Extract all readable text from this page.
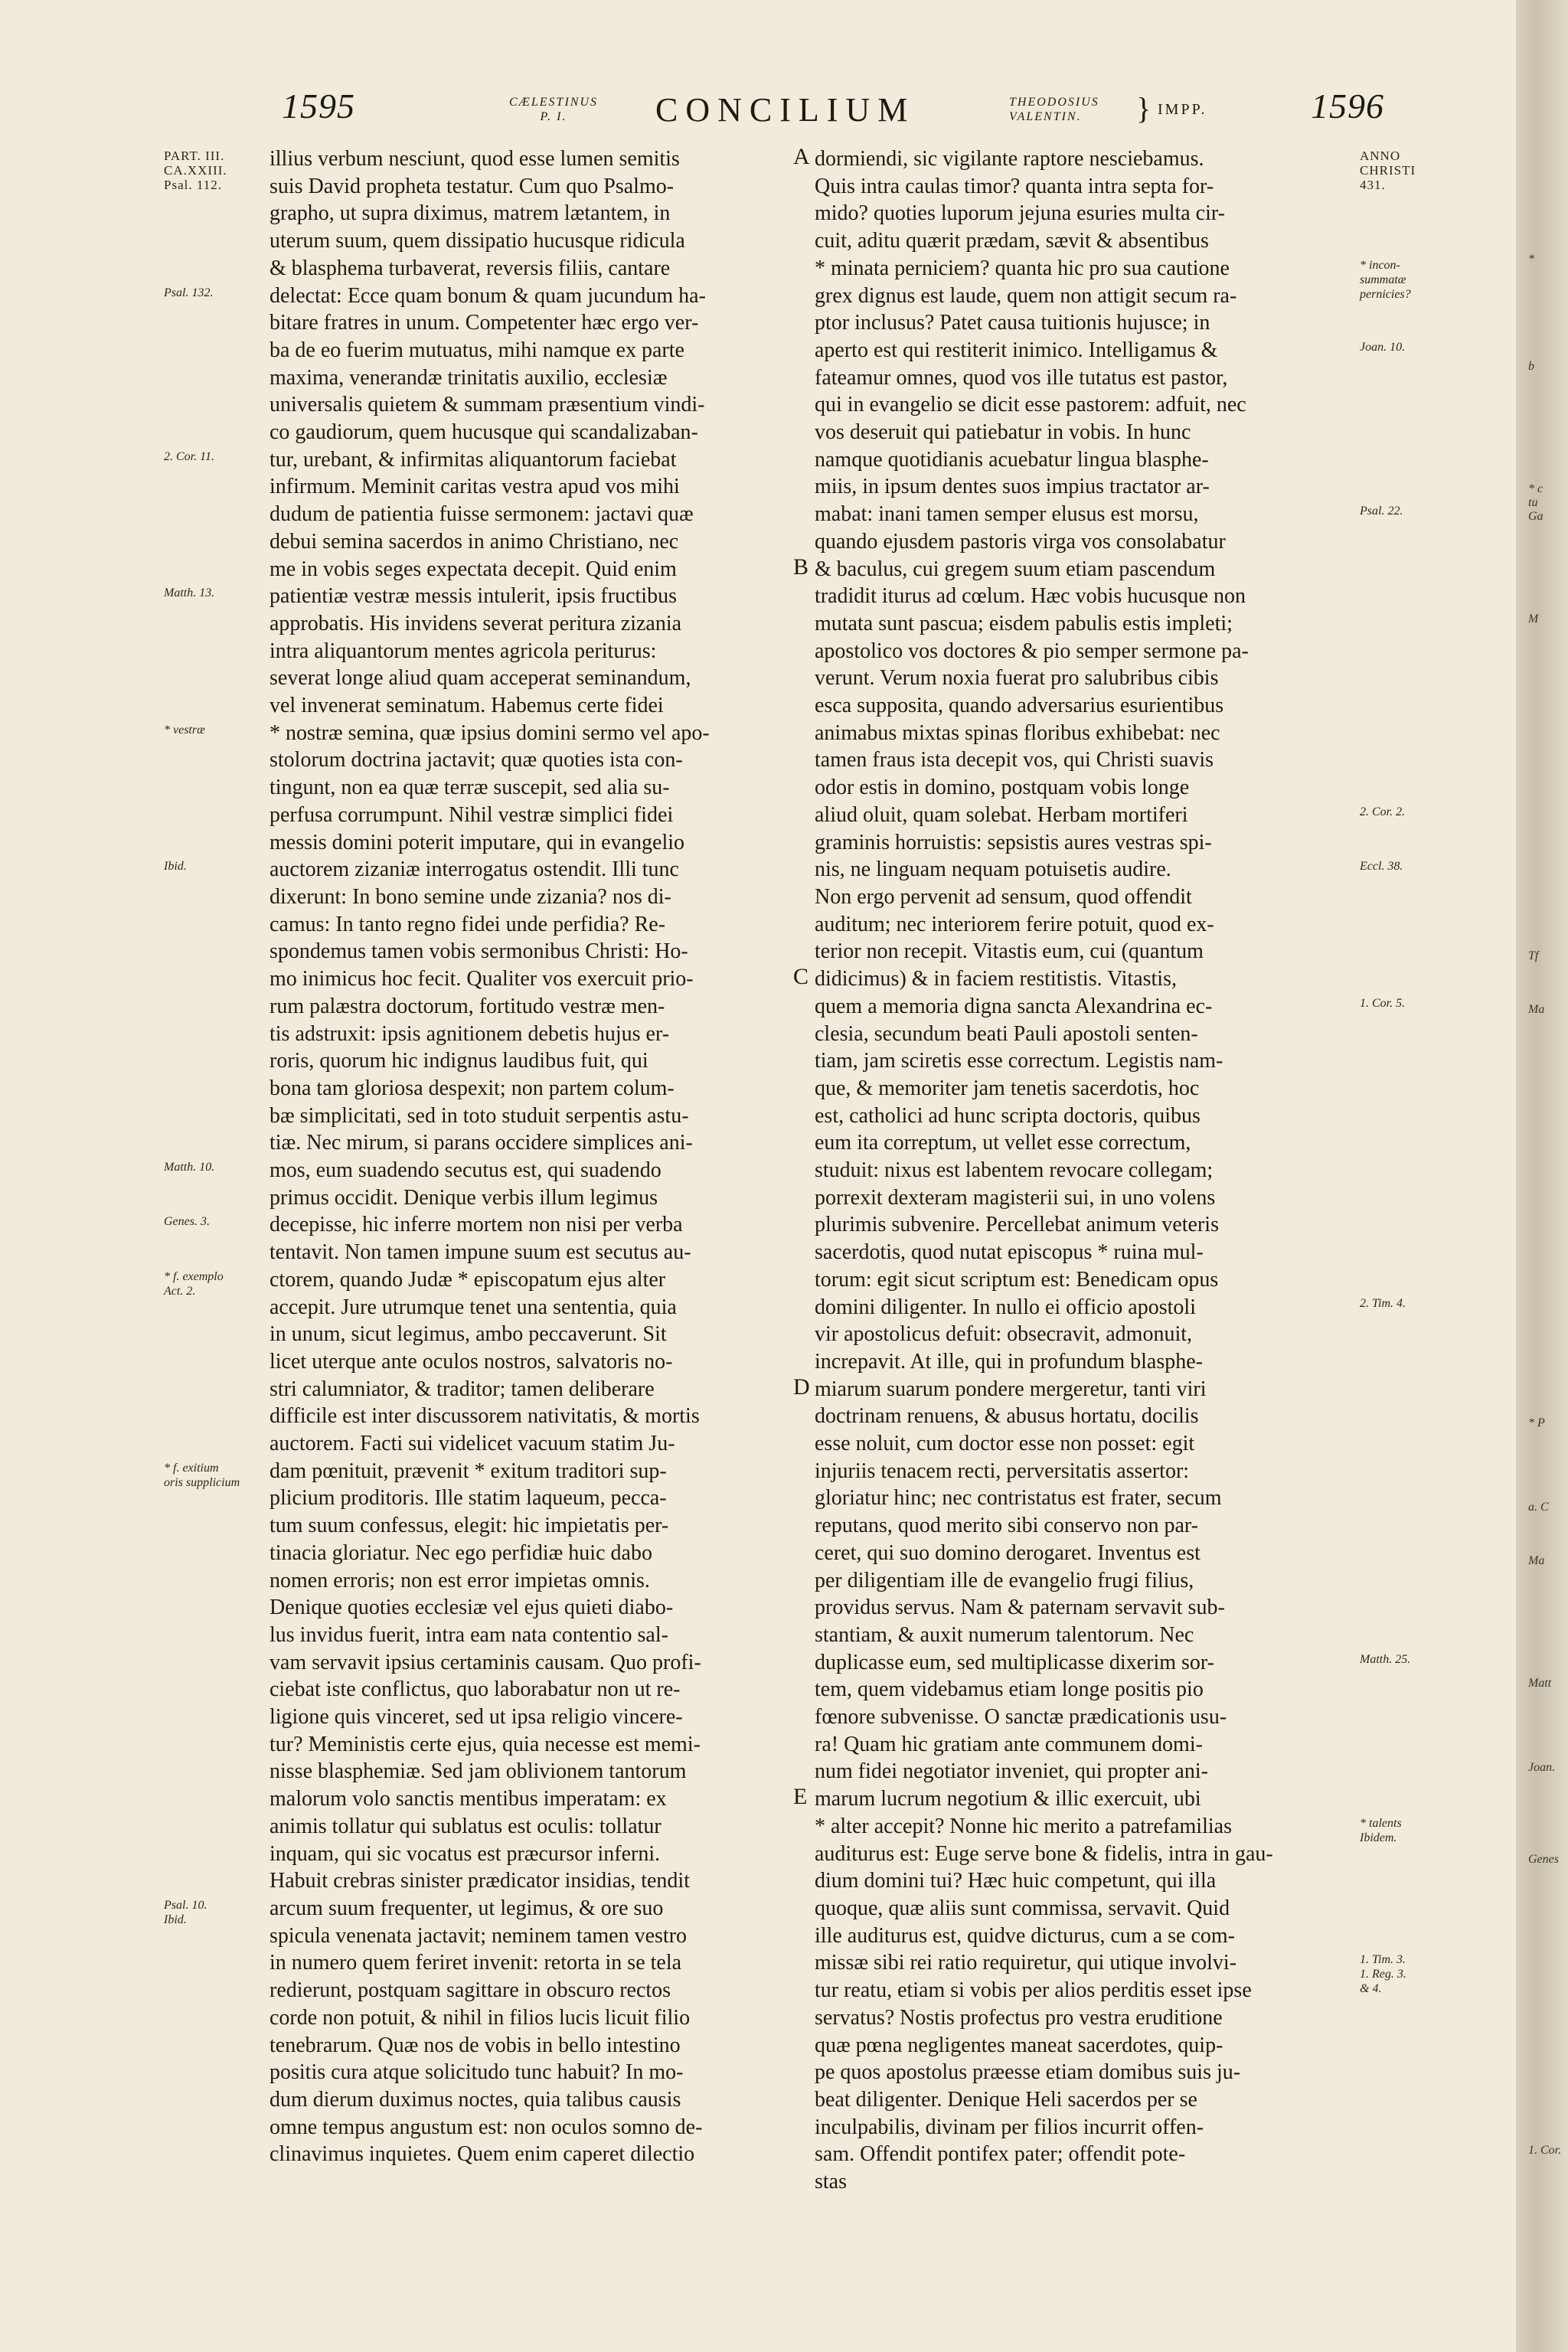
1595	CÆLESTINUS
P. I.	CONCILIUM	THEODOSIUS
VALENTIN.	} IMPP.	1596
PART. III.
CA.XXIII.
Psal. 112.
Psal. 132.
2. Cor. 11.
Matth. 13.
* vestræ
Ibid.
Matth. 10.
Genes. 3.
* f. exemplo
Act. 2.
* f. exitium
oris supplicium
Psal. 10.
Ibid.
illius verbum nesciunt, quod esse lumen semitis
suis David propheta testatur. Cum quo Psalmo-
grapho, ut supra diximus, matrem lætantem, in
uterum suum, quem dissipatio hucusque ridicula
& blasphema turbaverat, reversis filiis, cantare
delectat: Ecce quam bonum & quam jucundum ha-
bitare fratres in unum. Competenter hæc ergo ver-
ba de eo fuerim mutuatus, mihi namque ex parte
maxima, venerandæ trinitatis auxilio, ecclesiæ
universalis quietem & summam præsentium vindi-
co gaudiorum, quem hucusque qui scandalizaban-
tur, urebant, & infirmitas aliquantorum faciebat
infirmum. Meminit caritas vestra apud vos mihi
dudum de patientia fuisse sermonem: jactavi quæ
debui semina sacerdos in animo Christiano, nec
me in vobis seges expectata decepit. Quid enim
patientiæ vestræ messis intulerit, ipsis fructibus
approbatis. His invidens severat peritura zizania
intra aliquantorum mentes agricola periturus:
severat longe aliud quam acceperat seminandum,
vel invenerat seminatum. Habemus certe fidei
* nostræ semina, quæ ipsius domini sermo vel apo-
stolorum doctrina jactavit; quæ quoties ista con-
tingunt, non ea quæ terræ suscepit, sed alia su-
perfusa corrumpunt. Nihil vestræ simplici fidei
messis domini poterit imputare, qui in evangelio
auctorem zizaniæ interrogatus ostendit. Illi tunc
dixerunt: In bono semine unde zizania? nos di-
camus: In tanto regno fidei unde perfidia? Re-
spondemus tamen vobis sermonibus Christi: Ho-
mo inimicus hoc fecit. Qualiter vos exercuit prio-
rum palæstra doctorum, fortitudo vestræ men-
tis adstruxit: ipsis agnitionem debetis hujus er-
roris, quorum hic indignus laudibus fuit, qui
bona tam gloriosa despexit; non partem colum-
bæ simplicitati, sed in toto studuit serpentis astu-
tiæ. Nec mirum, si parans occidere simplices ani-
mos, eum suadendo secutus est, qui suadendo
primus occidit. Denique verbis illum legimus
decepisse, hic inferre mortem non nisi per verba
tentavit. Non tamen impune suum est secutus au-
ctorem, quando Judæ * episcopatum ejus alter
accepit. Jure utrumque tenet una sententia, quia
in unum, sicut legimus, ambo peccaverunt. Sit
licet uterque ante oculos nostros, salvatoris no-
stri calumniator, & traditor; tamen deliberare
difficile est inter discussorem nativitatis, & mortis
auctorem. Facti sui videlicet vacuum statim Ju-
dam pœnituit, prævenit * exitum traditori sup-
plicium proditoris. Ille statim laqueum, pecca-
tum suum confessus, elegit: hic impietatis per-
tinacia gloriatur. Nec ego perfidiæ huic dabo
nomen erroris; non est error impietas omnis.
Denique quoties ecclesiæ vel ejus quieti diabo-
lus invidus fuerit, intra eam nata contentio sal-
vam servavit ipsius certaminis causam. Quo profi-
ciebat iste conflictus, quo laborabatur non ut re-
ligione quis vinceret, sed ut ipsa religio vincere-
tur? Meministis certe ejus, quia necesse est memi-
nisse blasphemiæ. Sed jam oblivionem tantorum
malorum volo sanctis mentibus imperatam: ex
animis tollatur qui sublatus est oculis: tollatur
inquam, qui sic vocatus est præcursor inferni.
Habuit crebras sinister prædicator insidias, tendit
arcum suum frequenter, ut legimus, & ore suo
spicula venenata jactavit; neminem tamen vestro
in numero quem feriret invenit: retorta in se tela
redierunt, postquam sagittare in obscuro rectos
corde non potuit, & nihil in filios lucis licuit filio
tenebrarum. Quæ nos de vobis in bello intestino
positis cura atque solicitudo tunc habuit? In mo-
dum dierum duximus noctes, quia talibus causis
omne tempus angustum est: non oculos somno de-
clinavimus inquietes. Quem enim caperet dilectio
A
B
C
D
E
dormiendi, sic vigilante raptore nesciebamus.
Quis intra caulas timor? quanta intra septa for-
mido? quoties luporum jejuna esuries multa cir-
cuit, aditu quærit prædam, sævit & absentibus
* minata perniciem? quanta hic pro sua cautione
grex dignus est laude, quem non attigit secum ra-
ptor inclusus? Patet causa tuitionis hujusce; in
aperto est qui restiterit inimico. Intelligamus &
fateamur omnes, quod vos ille tutatus est pastor,
qui in evangelio se dicit esse pastorem: adfuit, nec
vos deseruit qui patiebatur in vobis. In hunc
namque quotidianis acuebatur lingua blasphe-
miis, in ipsum dentes suos impius tractator ar-
mabat: inani tamen semper elusus est morsu,
quando ejusdem pastoris virga vos consolabatur
& baculus, cui gregem suum etiam pascendum
tradidit iturus ad cœlum. Hæc vobis hucusque non
mutata sunt pascua; eisdem pabulis estis impleti;
apostolico vos doctores & pio semper sermone pa-
verunt. Verum noxia fuerat pro salubribus cibis
esca supposita, quando adversarius esurientibus
animabus mixtas spinas floribus exhibebat: nec
tamen fraus ista decepit vos, qui Christi suavis
odor estis in domino, postquam vobis longe
aliud oluit, quam solebat. Herbam mortiferi
graminis horruistis: sepsistis aures vestras spi-
nis, ne linguam nequam potuisetis audire.
Non ergo pervenit ad sensum, quod offendit
auditum; nec interiorem ferire potuit, quod ex-
terior non recepit. Vitastis eum, cui (quantum
didicimus) & in faciem restitistis. Vitastis,
quem a memoria digna sancta Alexandrina ec-
clesia, secundum beati Pauli apostoli senten-
tiam, jam sciretis esse correctum. Legistis nam-
que, & memoriter jam tenetis sacerdotis, hoc
est, catholici ad hunc scripta doctoris, quibus
eum ita correptum, ut vellet esse correctum,
studuit: nixus est labentem revocare collegam;
porrexit dexteram magisterii sui, in uno volens
plurimis subvenire. Percellebat animum veteris
sacerdotis, quod nutat episcopus * ruina mul-
torum: egit sicut scriptum est: Benedicam opus
domini diligenter. In nullo ei officio apostoli
vir apostolicus defuit: obsecravit, admonuit,
increpavit. At ille, qui in profundum blasphe-
miarum suarum pondere mergeretur, tanti viri
doctrinam renuens, & abusus hortatu, docilis
esse noluit, cum doctor esse non posset: egit
injuriis tenacem recti, perversitatis assertor:
gloriatur hinc; nec contristatus est frater, secum
reputans, quod merito sibi conservo non par-
ceret, qui suo domino derogaret. Inventus est
per diligentiam ille de evangelio frugi filius,
providus servus. Nam & paternam servavit sub-
stantiam, & auxit numerum talentorum. Nec
duplicasse eum, sed multiplicasse dixerim sor-
tem, quem videbamus etiam longe positis pio
fœnore subvenisse. O sanctæ prædicationis usu-
ra! Quam hic gratiam ante communem domi-
num fidei negotiator inveniet, qui propter ani-
marum lucrum negotium & illic exercuit, ubi
* alter accepit? Nonne hic merito a patrefamilias
auditurus est: Euge serve bone & fidelis, intra in gau-
dium domini tui? Hæc huic competunt, qui illa
quoque, quæ aliis sunt commissa, servavit. Quid
ille auditurus est, quidve dicturus, cum a se com-
missæ sibi rei ratio requiretur, qui utique involvi-
tur reatu, etiam si vobis per alios perditis esset ipse
servatus? Nostis profectus pro vestra eruditione
quæ pœna negligentes maneat sacerdotes, quip-
pe quos apostolus præesse etiam domibus suis ju-
beat diligenter. Denique Heli sacerdos per se
inculpabilis, divinam per filios incurrit offen-
sam. Offendit pontifex pater; offendit pote-
stas
ANNO
CHRISTI
431.
* incon-
summatæ
pernicies?
Joan. 10.
Psal. 22.
2. Cor. 2.
Eccl. 38.
1. Cor. 5.
2. Tim. 4.
Matth. 25.
* talents
Ibidem.
1. Tim. 3.
1. Reg. 3.
& 4.
*
b
* c
tu
Ga
M
Tf
Ma
* P
a. C
Ma
Matt
Joan.
Genes
1. Cor.
